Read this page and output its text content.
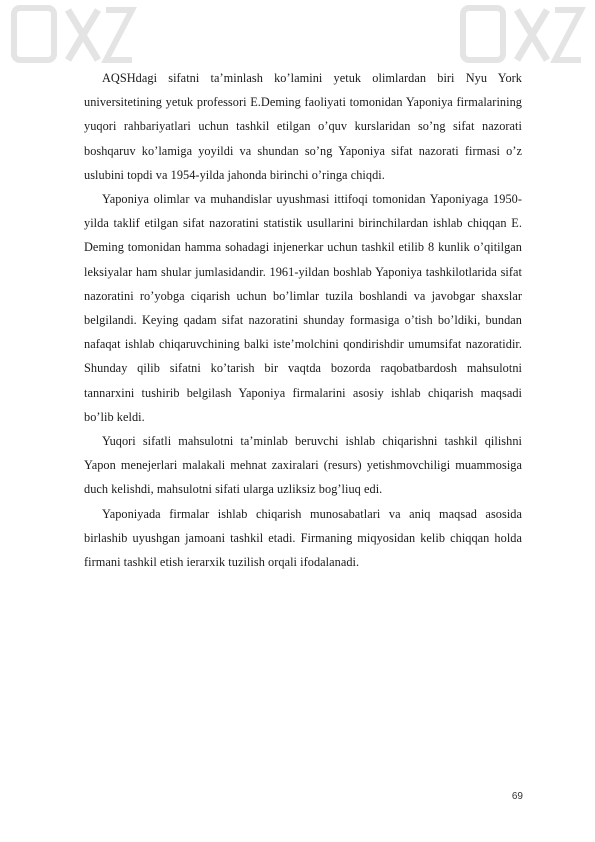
AQSHdagi sifatni ta’minlash ko’lamini yetuk olimlardan biri Nyu York universitetining yetuk professori E.Deming faoliyati tomonidan Yaponiya firmalarining yuqori rahbariyatlari uchun tashkil etilgan o’quv kurslaridan so’ng sifat nazorati boshqaruv ko’lamiga yoyildi va shundan so’ng Yaponiya sifat nazorati firmasi o’z uslubini topdi va 1954-yilda jahonda birinchi o’ringa chiqdi.

Yaponiya olimlar va muhandislar uyushmasi ittifoqi tomonidan Yaponiyaga 1950-yilda taklif etilgan sifat nazoratini statistik usullarini birinchilardan ishlab chiqqan E. Deming tomonidan hamma sohadagi injenerkar uchun tashkil etilib 8 kunlik o’qitilgan leksiyalar ham shular jumlasidandir. 1961-yildan boshlab Yaponiya tashkilotlarida sifat nazoratini ro’yobga ciqarish uchun bo’limlar tuzila boshlandi va javobgar shaxslar belgilandi. Keying qadam sifat nazoratini shunday formasiga o’tish bo’ldiki, bundan nafaqat ishlab chiqaruvchining balki iste’molchini qondirishdir umumsifat nazoratidir. Shunday qilib sifatni ko’tarish bir vaqtda bozorda raqobatbardosh mahsulotni tannarxini tushirib belgilash Yaponiya firmalarini asosiy ishlab chiqarish maqsadi bo’lib keldi.

Yuqori sifatli mahsulotni ta’minlab beruvchi ishlab chiqarishni tashkil qilishni Yapon menejerlari malakali mehnat zaxiralari (resurs) yetishmovchiligi muammosiga duch kelishdi, mahsulotni sifati ularga uzliksiz bog’liuq edi.

Yaponiyada firmalar ishlab chiqarish munosabatlari va aniq maqsad asosida birlashib uyushgan jamoani tashkil etadi. Firmaning miqyosidan kelib chiqqan holda firmani tashkil etish ierarxik tuzilish orqali ifodalanadi.

69
